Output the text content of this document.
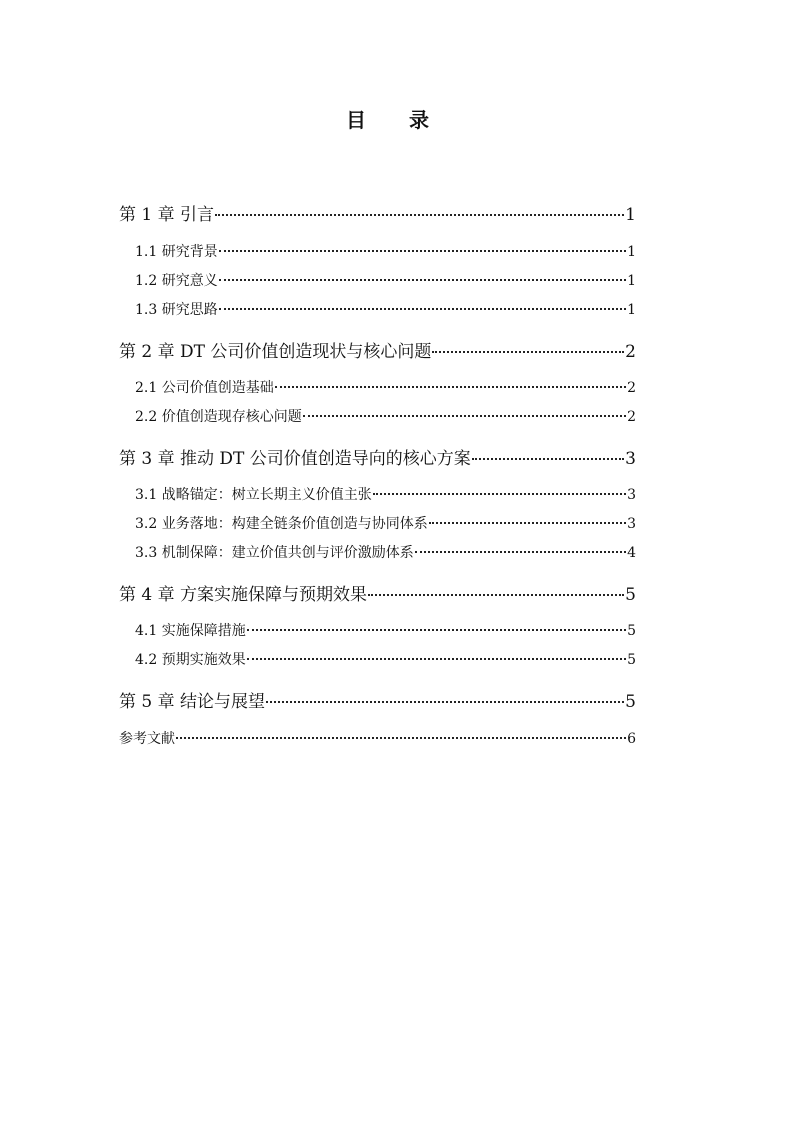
目 录
第 1 章 引言	1
1.1 研究背景	1
1.2 研究意义	1
1.3 研究思路	1
第 2 章 DT 公司价值创造现状与核心问题	2
2.1 公司价值创造基础	2
2.2 价值创造现存核心问题	2
第 3 章 推动 DT 公司价值创造导向的核心方案	3
3.1 战略锚定：树立长期主义价值主张	3
3.2 业务落地：构建全链条价值创造与协同体系	3
3.3 机制保障：建立价值共创与评价激励体系	4
第 4 章 方案实施保障与预期效果	5
4.1 实施保障措施	5
4.2 预期实施效果	5
第 5 章 结论与展望	5
参考文献	6
